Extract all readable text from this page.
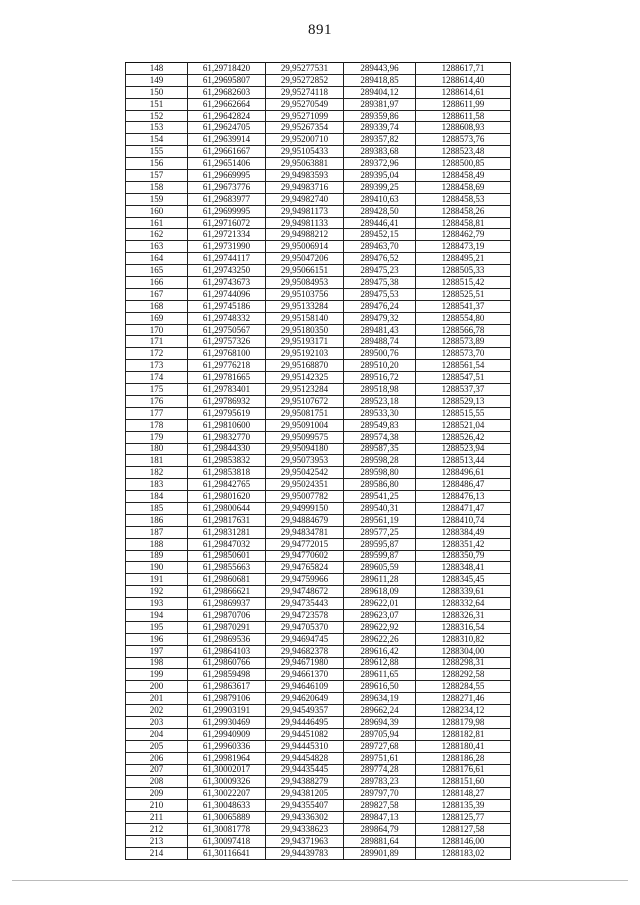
891
148	61,29718420	29,95277531	289443,96	1288617,71
149	61,29695807	29,95272852	289418,85	1288614,40
150	61,29682603	29,95274118	289404,12	1288614,61
151	61,29662664	29,95270549	289381,97	1288611,99
152	61,29642824	29,95271099	289359,86	1288611,58
153	61,29624705	29,95267354	289339,74	1288608,93
154	61,29639914	29,95200710	289357,82	1288573,76
155	61,29661667	29,95105433	289383,68	1288523,48
156	61,29651406	29,95063881	289372,96	1288500,85
157	61,29669995	29,94983593	289395,04	1288458,49
158	61,29673776	29,94983716	289399,25	1288458,69
159	61,29683977	29,94982740	289410,63	1288458,53
160	61,29699995	29,94981173	289428,50	1288458,26
161	61,29716072	29,94981133	289446,41	1288458,81
162	61,29721334	29,94988212	289452,15	1288462,79
163	61,29731990	29,95006914	289463,70	1288473,19
164	61,29744117	29,95047206	289476,52	1288495,21
165	61,29743250	29,95066151	289475,23	1288505,33
166	61,29743673	29,95084953	289475,38	1288515,42
167	61,29744096	29,95103756	289475,53	1288525,51
168	61,29745186	29,95133284	289476,24	1288541,37
169	61,29748332	29,95158140	289479,32	1288554,80
170	61,29750567	29,95180350	289481,43	1288566,78
171	61,29757326	29,95193171	289488,74	1288573,89
172	61,29768100	29,95192103	289500,76	1288573,70
173	61,29776218	29,95168870	289510,20	1288561,54
174	61,29781665	29,95142325	289516,72	1288547,51
175	61,29783401	29,95123284	289518,98	1288537,37
176	61,29786932	29,95107672	289523,18	1288529,13
177	61,29795619	29,95081751	289533,30	1288515,55
178	61,29810600	29,95091004	289549,83	1288521,04
179	61,29832770	29,95099575	289574,38	1288526,42
180	61,29844330	29,95094180	289587,35	1288523,94
181	61,29853832	29,95073953	289598,28	1288513,44
182	61,29853818	29,95042542	289598,80	1288496,61
183	61,29842765	29,95024351	289586,80	1288486,47
184	61,29801620	29,95007782	289541,25	1288476,13
185	61,29800644	29,94999150	289540,31	1288471,47
186	61,29817631	29,94884679	289561,19	1288410,74
187	61,29831281	29,94834781	289577,25	1288384,49
188	61,29847032	29,94772015	289595,87	1288351,42
189	61,29850601	29,94770602	289599,87	1288350,79
190	61,29855663	29,94765824	289605,59	1288348,41
191	61,29860681	29,94759966	289611,28	1288345,45
192	61,29866621	29,94748672	289618,09	1288339,61
193	61,29869937	29,94735443	289622,01	1288332,64
194	61,29870706	29,94723578	289623,07	1288326,31
195	61,29870291	29,94705370	289622,92	1288316,54
196	61,29869536	29,94694745	289622,26	1288310,82
197	61,29864103	29,94682378	289616,42	1288304,00
198	61,29860766	29,94671980	289612,88	1288298,31
199	61,29859498	29,94661370	289611,65	1288292,58
200	61,29863617	29,94646109	289616,50	1288284,55
201	61,29879106	29,94620649	289634,19	1288271,46
202	61,29903191	29,94549357	289662,24	1288234,12
203	61,29930469	29,94446495	289694,39	1288179,98
204	61,29940909	29,94451082	289705,94	1288182,81
205	61,29960336	29,94445310	289727,68	1288180,41
206	61,29981964	29,94454828	289751,61	1288186,28
207	61,30002017	29,94435445	289774,28	1288176,61
208	61,30009326	29,94388279	289783,23	1288151,60
209	61,30022207	29,94381205	289797,70	1288148,27
210	61,30048633	29,94355407	289827,58	1288135,39
211	61,30065889	29,94336302	289847,13	1288125,77
212	61,30081778	29,94338623	289864,79	1288127,58
213	61,30097418	29,94371963	289881,64	1288146,00
214	61,30116641	29,94439783	289901,89	1288183,02
